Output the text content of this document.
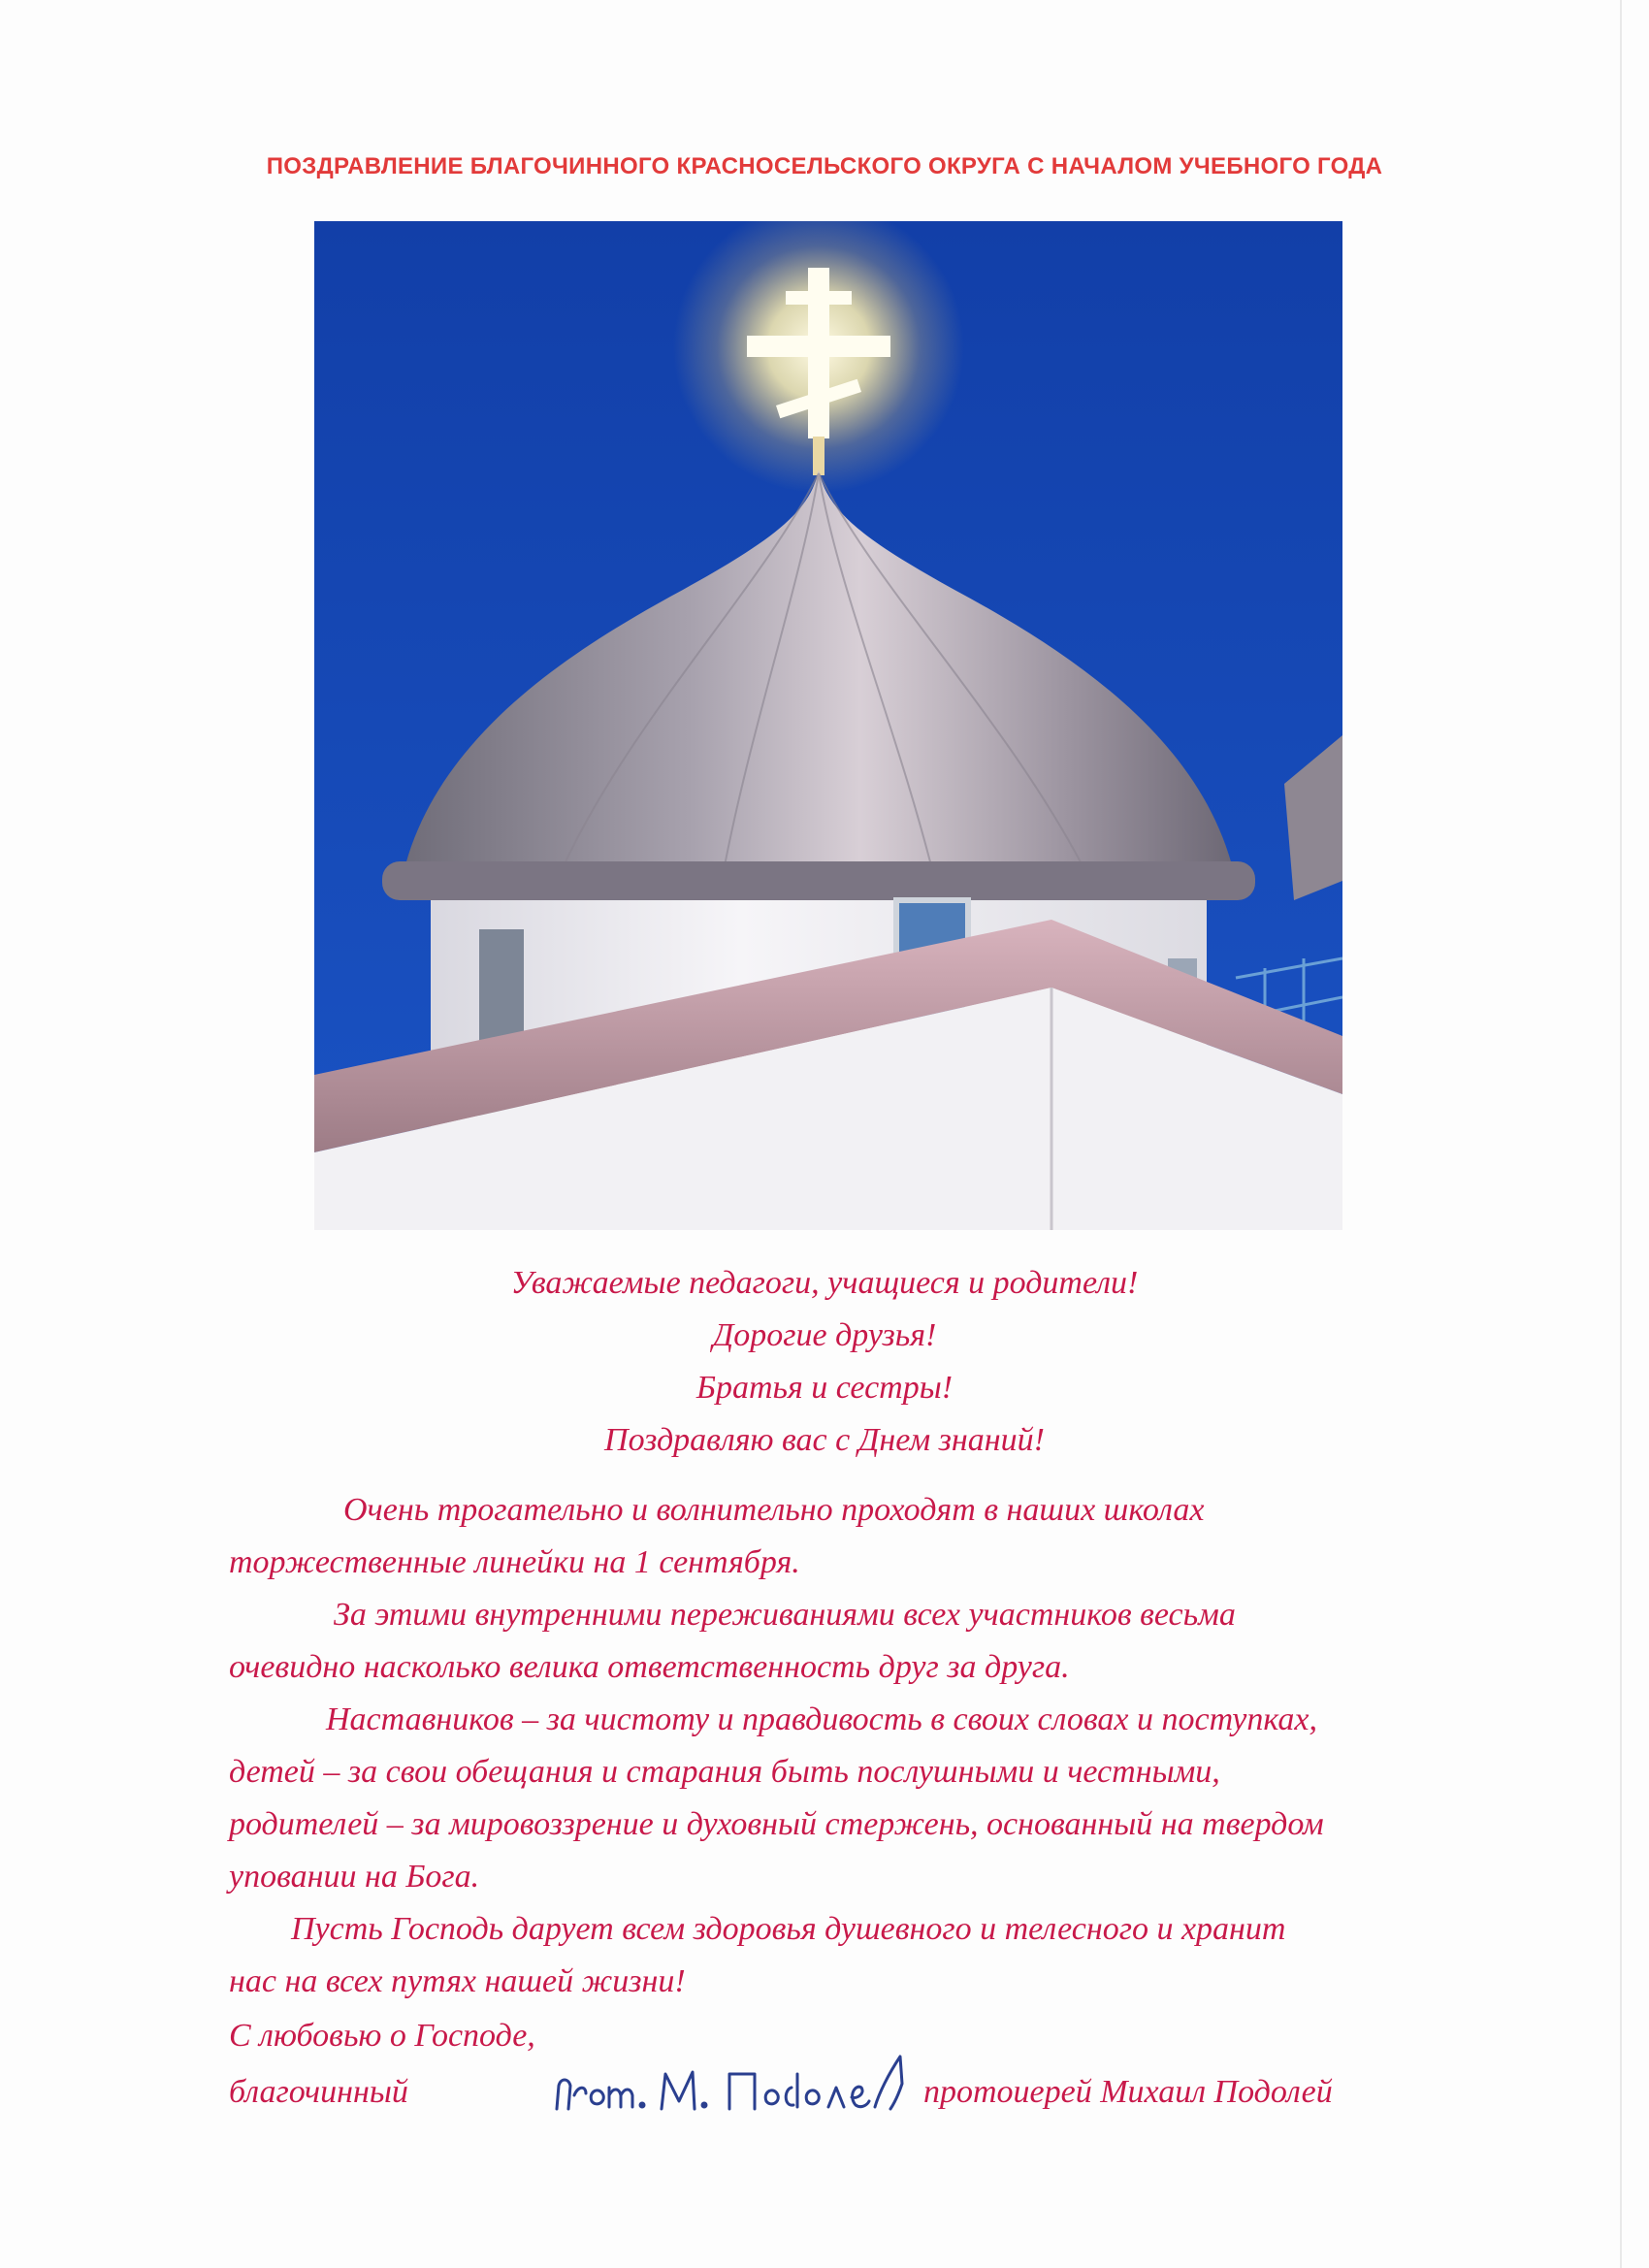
ПОЗДРАВЛЕНИЕ БЛАГОЧИННОГО КРАСНОСЕЛЬСКОГО ОКРУГА С НАЧАЛОМ УЧЕБНОГО ГОДА
Уважаемые педагоги, учащиеся и родители!
Дорогие друзья!
Братья и сестры!
Поздравляю вас с Днем знаний!
Очень трогательно и волнительно проходят в наших школах
торжественные линейки на 1 сентября.
За этими внутренними переживаниями всех участников весьма
очевидно насколько велика ответственность друг за друга.
Наставников – за чистоту и правдивость в своих словах и поступках,
детей – за свои обещания и старания быть послушными и честными,
родителей – за мировоззрение и духовный стержень, основанный на твердом
уповании на Бога.
Пусть Господь дарует всем здоровья душевного и телесного и хранит
нас на всех путях нашей жизни!
С любовью о Господе,
благочинный	протоиерей Михаил Подолей
